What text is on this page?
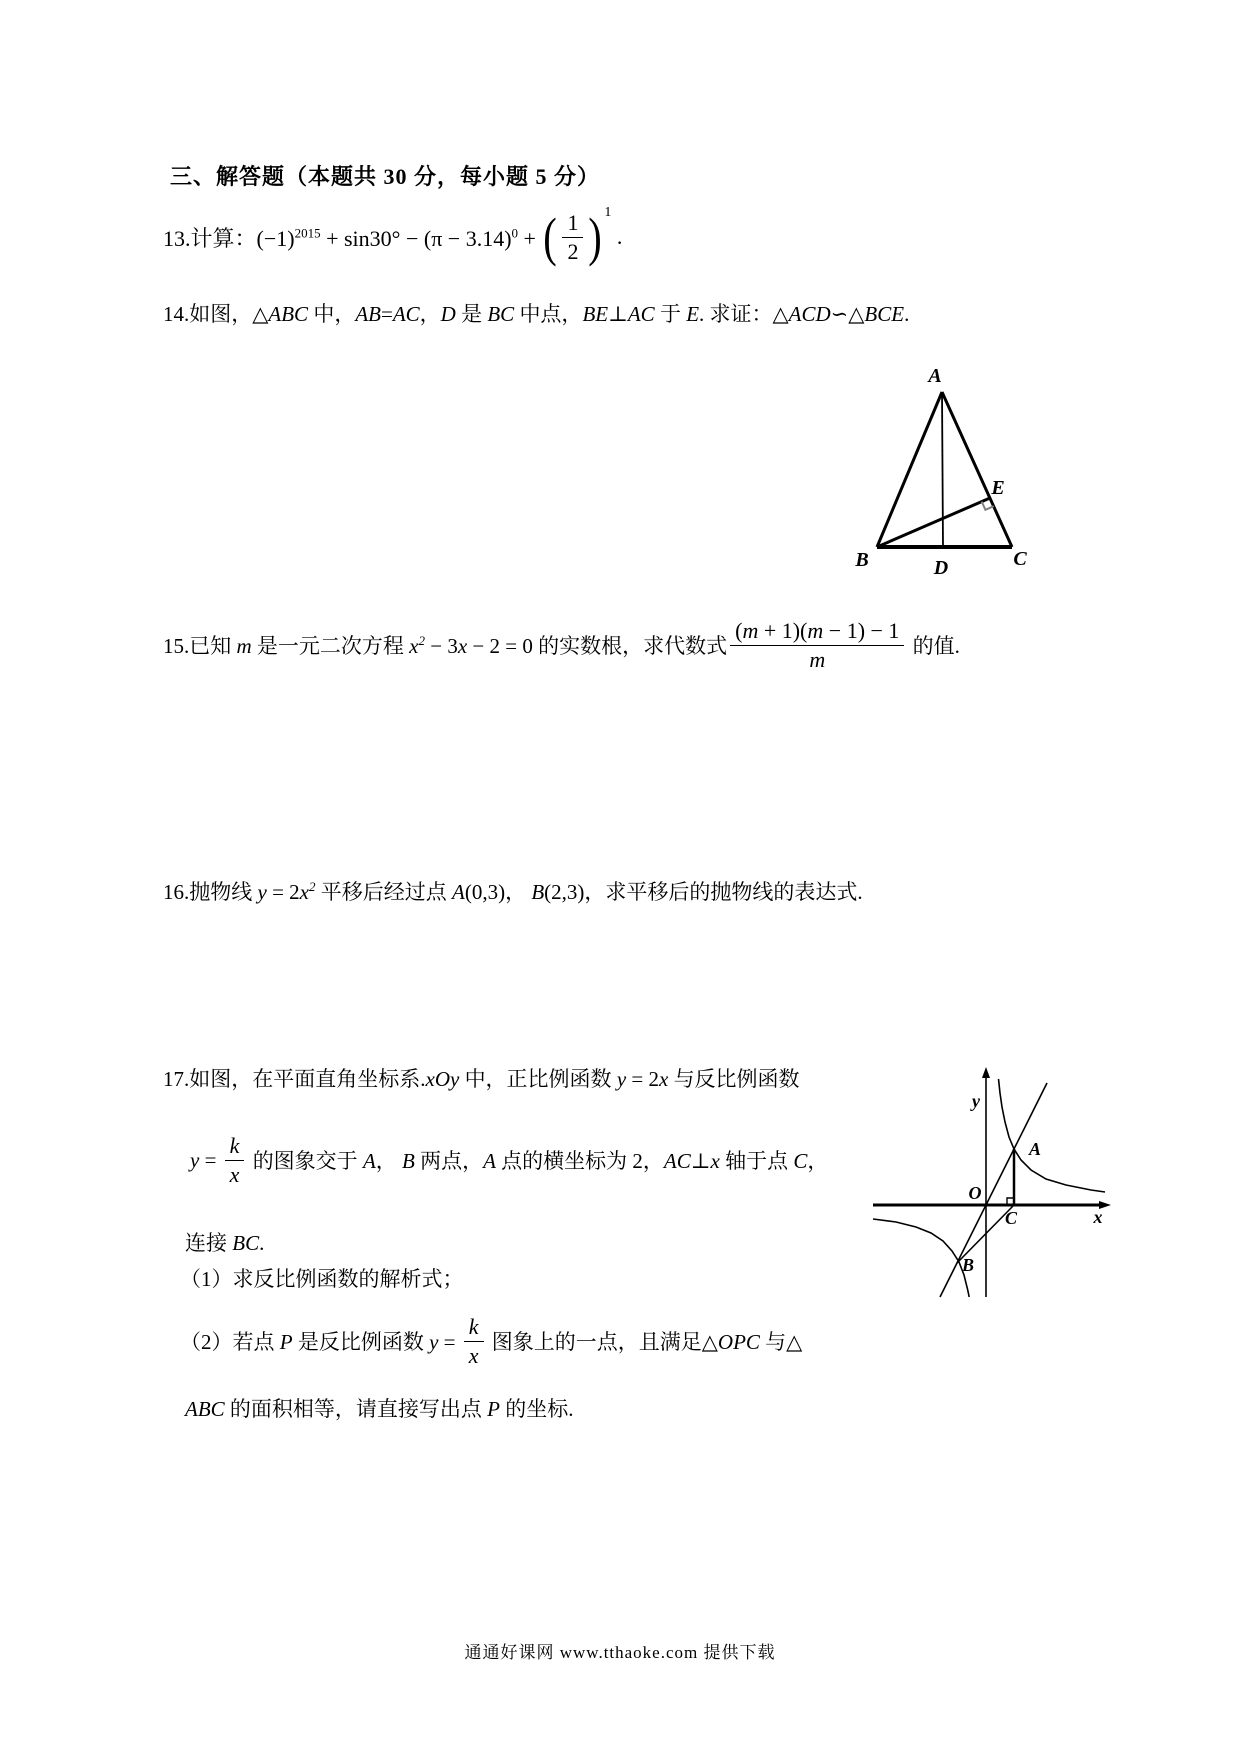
三、解答题（本题共 30 分，每小题 5 分）
13.计算：$(-1)^{2015} + \sin 30^\circ - (\pi - 3.14)^0$ + ( $\frac{1}{2} )^1$
.
14.如图，△ABC 中，AB=AC，D 是 BC 中点，BE⊥AC 于 E. 求证：△ACD∽△BCE.
A
B	C
D
E
15.已知 m 是一元二次方程 $x^2 - 3x - 2 = 0$ 的实数根，求代数式 $\frac{(m + 1)(m - 1) - 1}{m}$ 的值.
16.抛物线 $y = 2x^2$ 平移后经过点 A(0,3)， B(2,3)，求平移后的抛物线的表达式.
17.如图，在平面直角坐标系.xOy 中，正比例函数 y = 2x 与反比例函数
$y = \frac{k}{x}$ 的图象交于 A， B 两点，A 点的横坐标为 2，AC⊥x 轴于点 C，
连接 BC.
（1）求反比例函数的解析式；
（2）若点 P 是反比例函数 $y = \frac{k}{x}$ 图象上的一点，且满足△OPC 与△
ABC 的面积相等，请直接写出点 P 的坐标.
y
O
x
A
B
C
通通好课网 www.tthaoke.com 提供下载
